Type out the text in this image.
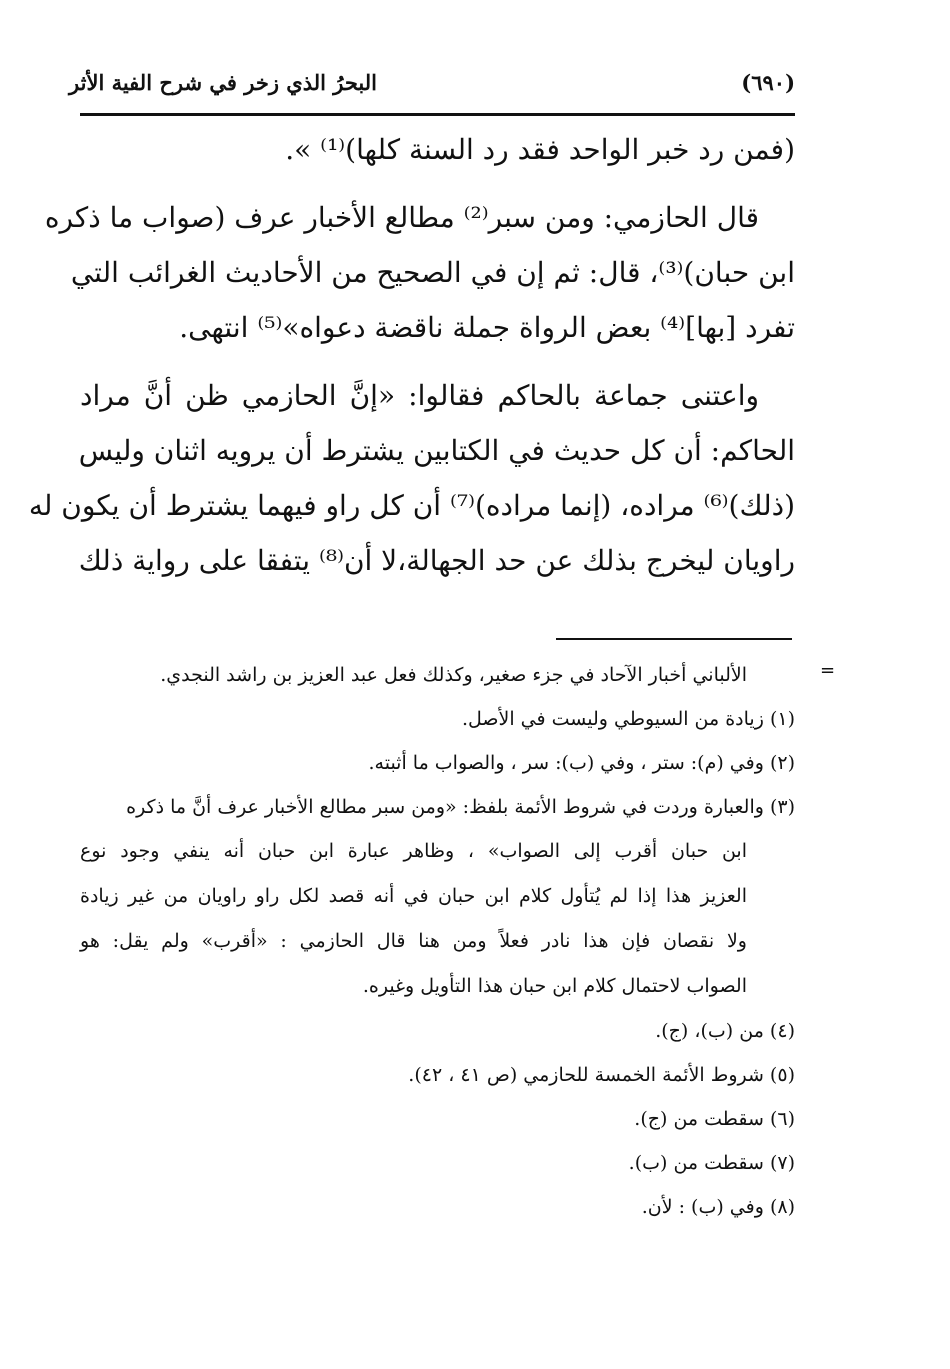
(٦٩٠)
البحرُ الذي زخر في شرح الفية الأثر
(فمن رد خبر الواحد فقد رد السنة كلها)⁽¹⁾ ».
قال الحازمي: ومن سبر⁽²⁾ مطالع الأخبار عرف (صواب ما ذكره
ابن حبان)⁽³⁾، قال: ثم إن في الصحيح من الأحاديث الغرائب التي
تفرد [بها]⁽⁴⁾ بعض الرواة جملة ناقضة دعواه»⁽⁵⁾ انتهى.
واعتنى جماعة بالحاكم فقالوا: «إنَّ الحازمي ظن أنَّ مراد
الحاكم: أن كل حديث في الكتابين يشترط أن يرويه اثنان وليس
(ذلك)⁽⁶⁾ مراده، (إنما مراده)⁽⁷⁾ أن كل راو فيهما يشترط أن يكون له
راويان ليخرج بذلك عن حد الجهالة،لا أن⁽⁸⁾ يتفقا على رواية ذلك
=
الألباني أخبار الآحاد في جزء صغير، وكذلك فعل عبد العزيز بن راشد النجدي.
(١) زيادة من السيوطي وليست في الأصل.
(٢) وفي (م): ستر ، وفي (ب): سر ، والصواب ما أثبته.
(٣) والعبارة وردت في شروط الأئمة بلفظ: «ومن سبر مطالع الأخبار عرف أنَّ ما ذكره
ابن حبان أقرب إلى الصواب» ، وظاهر عبارة ابن حبان أنه ينفي وجود نوع
العزيز هذا إذا لم يُتأول كلام ابن حبان في أنه قصد لكل راو راويان من غير زيادة
ولا نقصان فإن هذا نادر فعلاً ومن هنا قال الحازمي : «أقرب» ولم يقل: هو
الصواب لاحتمال كلام ابن حبان هذا التأويل وغيره.
(٤) من (ب)، (ج).
(٥) شروط الأئمة الخمسة للحازمي (ص ٤١ ، ٤٢).
(٦) سقطت من (ج).
(٧) سقطت من (ب).
(٨) وفي (ب) : لأن.
